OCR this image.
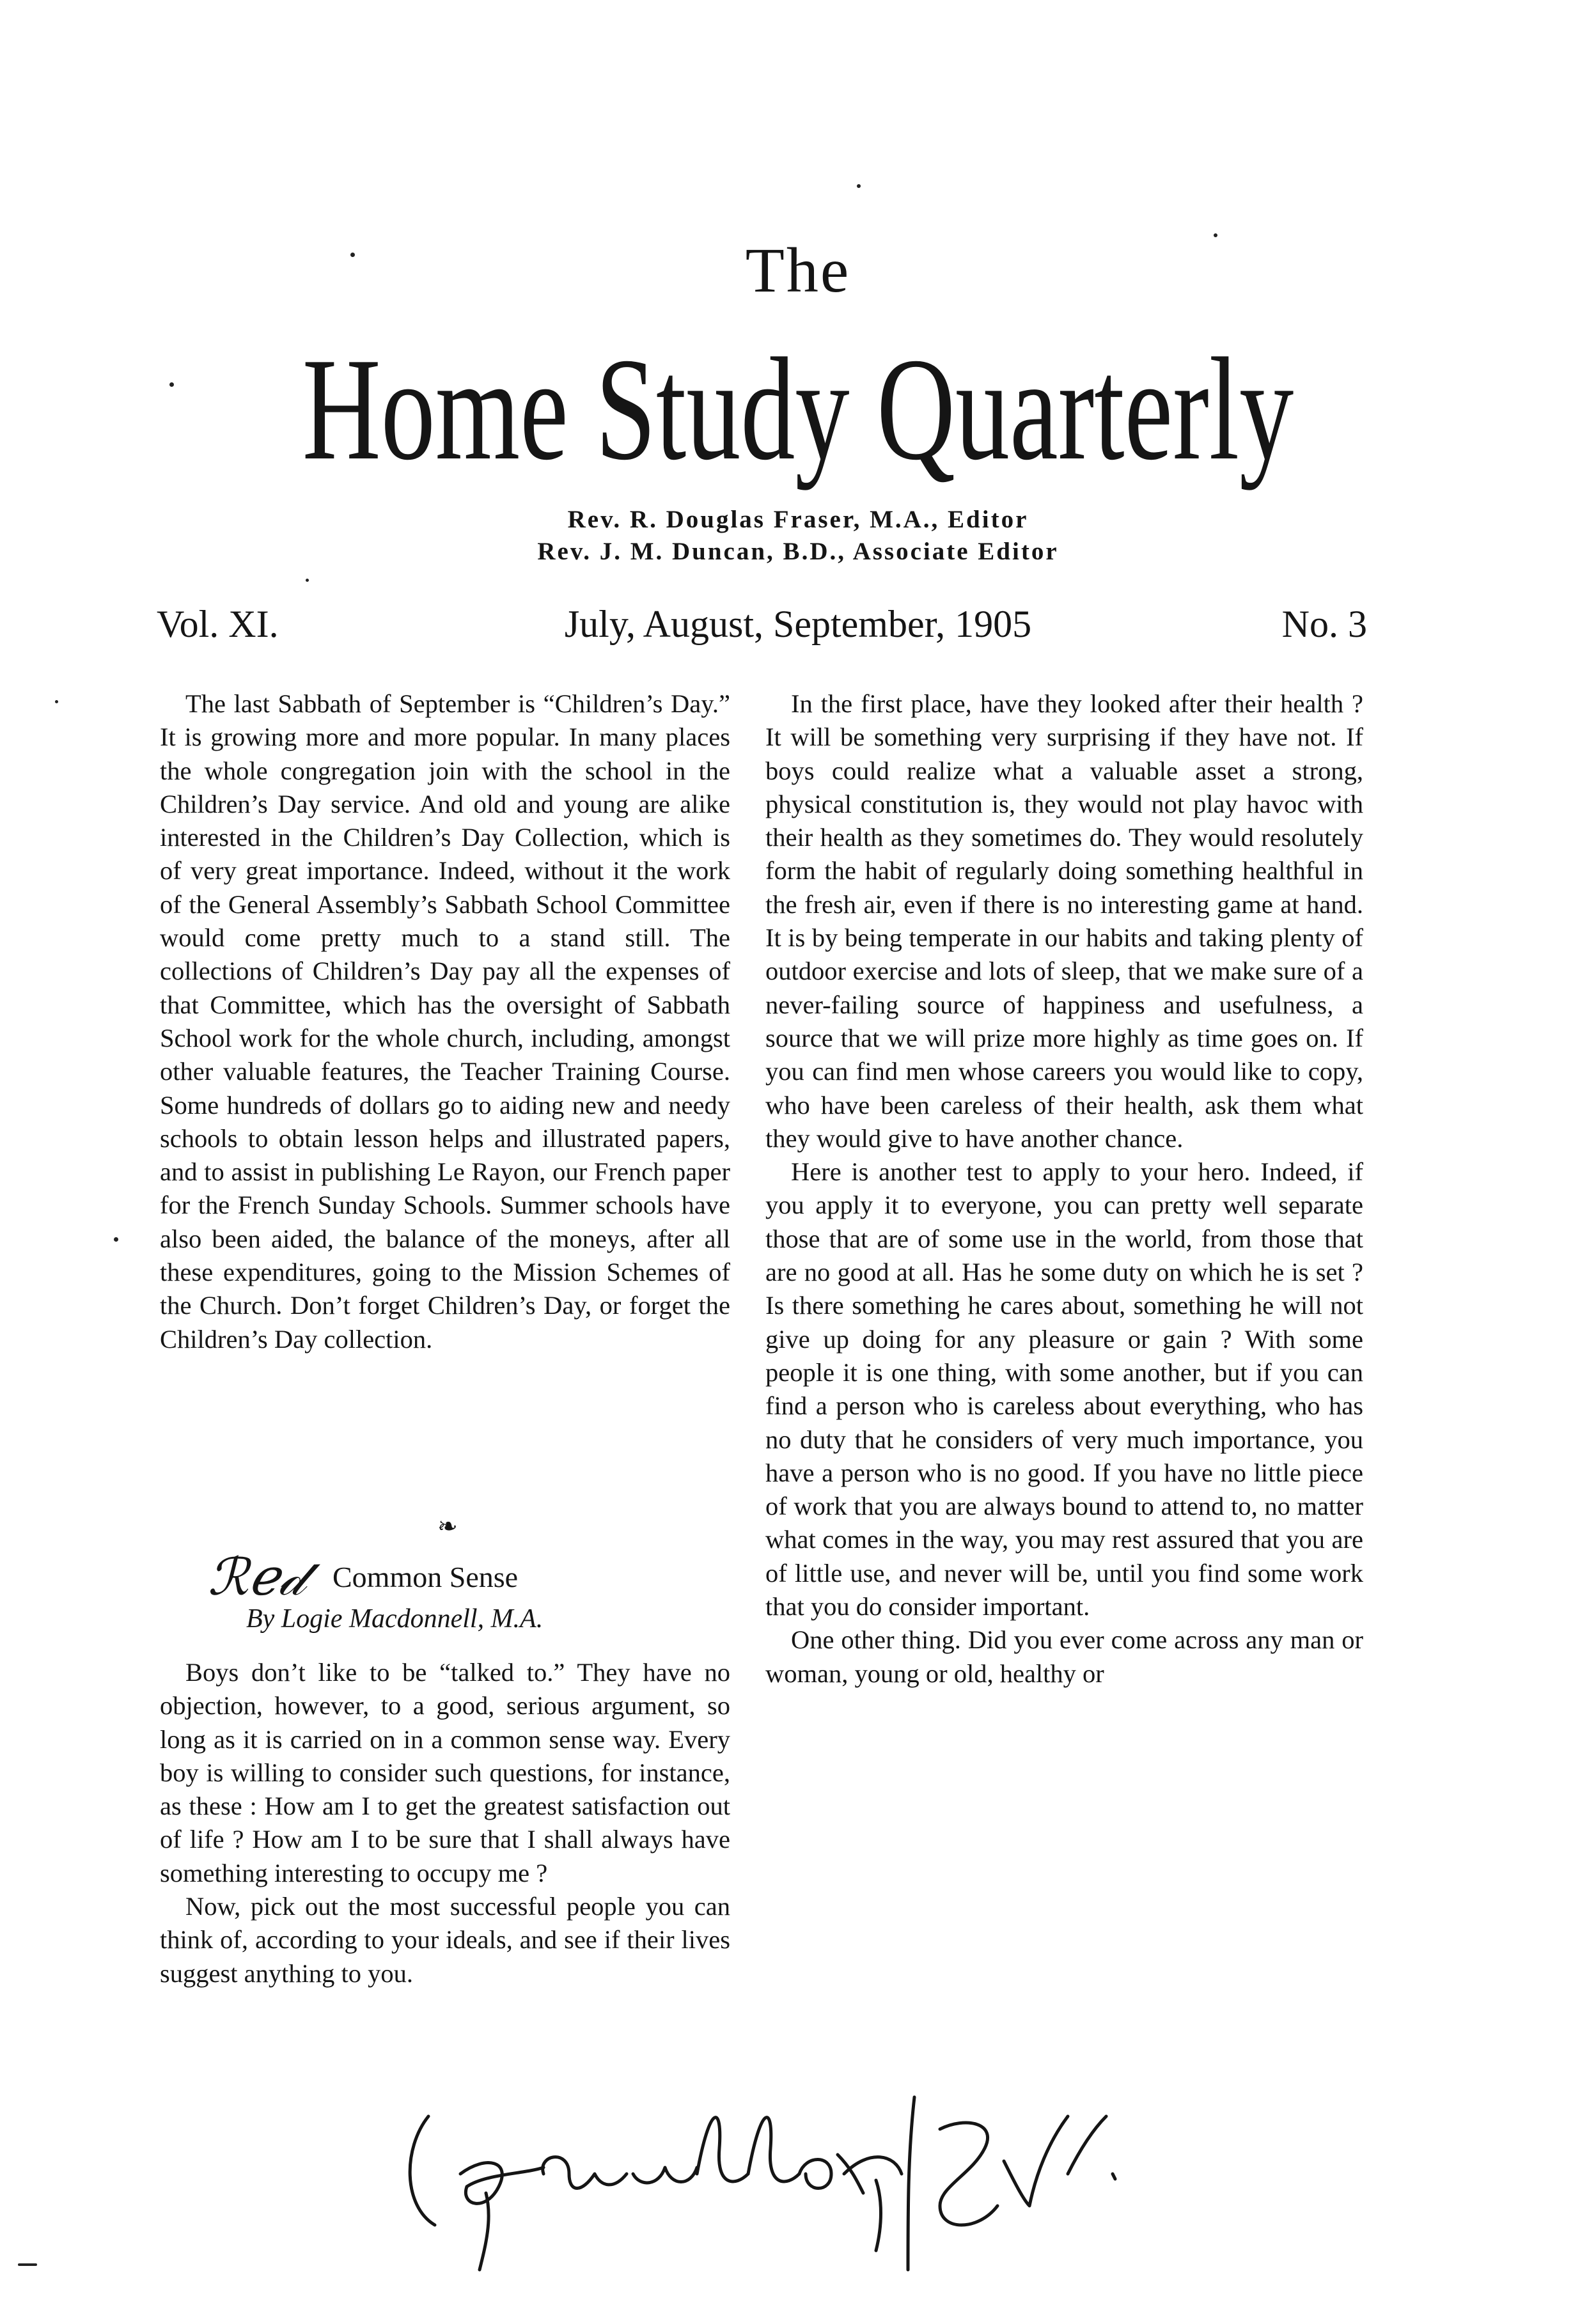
The
Home Study Quarterly
Rev. R. Douglas Fraser, M.A., Editor
Rev. J. M. Duncan, B.D., Associate Editor
Vol. XI.	July, August, September, 1905	No. 3

The last Sabbath of September is “Children’s Day.” It is growing more and more popular. In many places the whole congregation join with the school in the Children’s Day service. And old and young are alike interested in the Children’s Day Collection, which is of very great importance. Indeed, without it the work of the General Assembly’s Sabbath School Committee would come pretty much to a stand still. The collections of Children’s Day pay all the expenses of that Committee, which has the oversight of Sabbath School work for the whole church, including, amongst other valuable features, the Teacher Training Course. Some hundreds of dollars go to aiding new and needy schools to obtain lesson helps and illustrated papers, and to assist in publishing Le Rayon, our French paper for the French Sunday Schools. Summer schools have also been aided, the balance of the moneys, after all these expenditures, going to the Mission Schemes of the Church. Don’t forget Children’s Day, or forget the Children’s Day collection.

❧
ℛℯ𝒹 Common Sense
By Logie Macdonnell, M.A.

Boys don’t like to be “talked to.” They have no objection, however, to a good, serious argument, so long as it is carried on in a common sense way. Every boy is willing to consider such questions, for instance, as these : How am I to get the greatest satisfaction out of life ? How am I to be sure that I shall always have something interesting to occupy me ?

Now, pick out the most successful people you can think of, according to your ideals, and see if their lives suggest anything to you.

In the first place, have they looked after their health ? It will be something very surprising if they have not. If boys could realize what a valuable asset a strong, physical constitution is, they would not play havoc with their health as they sometimes do. They would resolutely form the habit of regularly doing something healthful in the fresh air, even if there is no interesting game at hand. It is by being temperate in our habits and taking plenty of outdoor exercise and lots of sleep, that we make sure of a never-failing source of happiness and usefulness, a source that we will prize more highly as time goes on. If you can find men whose careers you would like to copy, who have been careless of their health, ask them what they would give to have another chance.

Here is another test to apply to your hero. Indeed, if you apply it to everyone, you can pretty well separate those that are of some use in the world, from those that are no good at all. Has he some duty on which he is set ? Is there something he cares about, something he will not give up doing for any pleasure or gain ? With some people it is one thing, with some another, but if you can find a person who is careless about everything, who has no duty that he considers of very much importance, you have a person who is no good. If you have no little piece of work that you are always bound to attend to, no matter what comes in the way, you may rest assured that you are of little use, and never will be, until you find some work that you do consider important.

One other thing. Did you ever come across any man or woman, young or old, healthy or
